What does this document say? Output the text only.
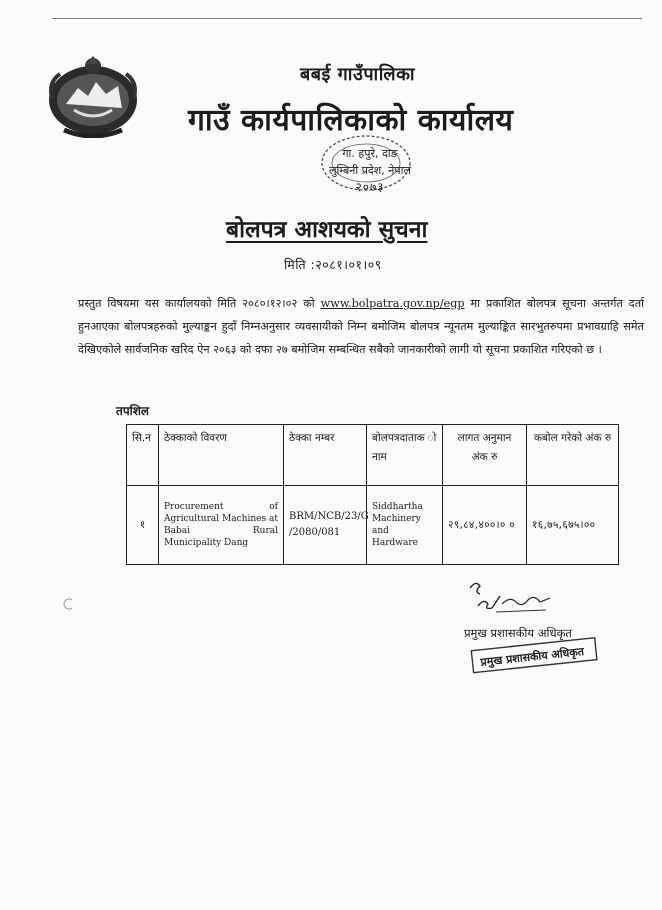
बबई गाउँपालिका
गाउँ कार्यपालिकाको कार्यालय
गा. हपुरे, दाङ
लुम्बिनी प्रदेश, नेपाल
२०७३
बोलपत्र आशयको सुचना
मिति :२०८१।०१।०९
प्रस्तुत विषयमा यस कार्यालयको मिति २०८०।१२।०२ को www.bolpatra.gov.np/egp मा प्रकाशित बोलपत्र सूचना अन्तर्गत दर्ता हुनआएका बोलपत्रहरुको मुल्याङ्कन हुदाँ निम्नअनुसार व्यवसायीको निम्न बमोजिम बोलपत्र न्यूनतम मुल्याङ्कित सारभुतरुपमा प्रभावग्राहि समेत देखिएकोले सार्वजनिक खरिद ऐन २०६३ को दफा २७ बमोजिम सम्बन्धित सबैको जानकारीको लागी यो सूचना प्रकाशित गरिएको छ ।
तपशिल
सि.न	ठेक्काको विवरण	ठेक्का नम्बर	बोलपत्रदाताक ो नाम	लागत अनुमान अंक रु	कबोल गरेको अंक रु
१	Procurement of Agricultural Machines at Babai Rural Municipality Dang	BRM/NCB/23/G /2080/081	Siddhartha Machinery and Hardware	२९,८४,४००।० ०	१६,७५,६७५।००
प्रमुख प्रशासकीय अधिकृत
प्रमुख प्रशासकीय अधिकृत
